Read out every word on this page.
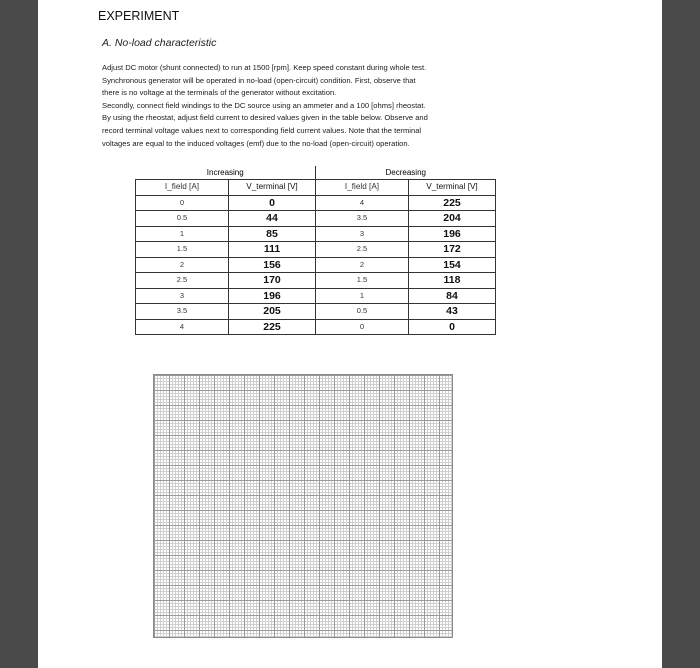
EXPERIMENT
A. No-load characteristic
Adjust DC motor (shunt connected) to run at 1500 [rpm]. Keep speed constant during whole test.
Synchronous generator will be operated in no-load (open-circuit) condition. First, observe that
there is no voltage at the terminals of the generator without excitation.
Secondly, connect field windings to the DC source using an ammeter and a 100 [ohms] rheostat.
By using the rheostat, adjust field current to desired values given in the table below. Observe and
record terminal voltage values next to corresponding field current values. Note that the terminal
voltages are equal to the induced voltages (emf) due to the no-load (open-circuit) operation.
Increasing		Decreasing	
I_field [A]	V_terminal [V]	I_field [A]	V_terminal [V]
0	0	4	225
0.5	44	3.5	204
1	85	3	196
1.5	111	2.5	172
2	156	2	154
2.5	170	1.5	118
3	196	1	84
3.5	205	0.5	43
4	225	0	0
